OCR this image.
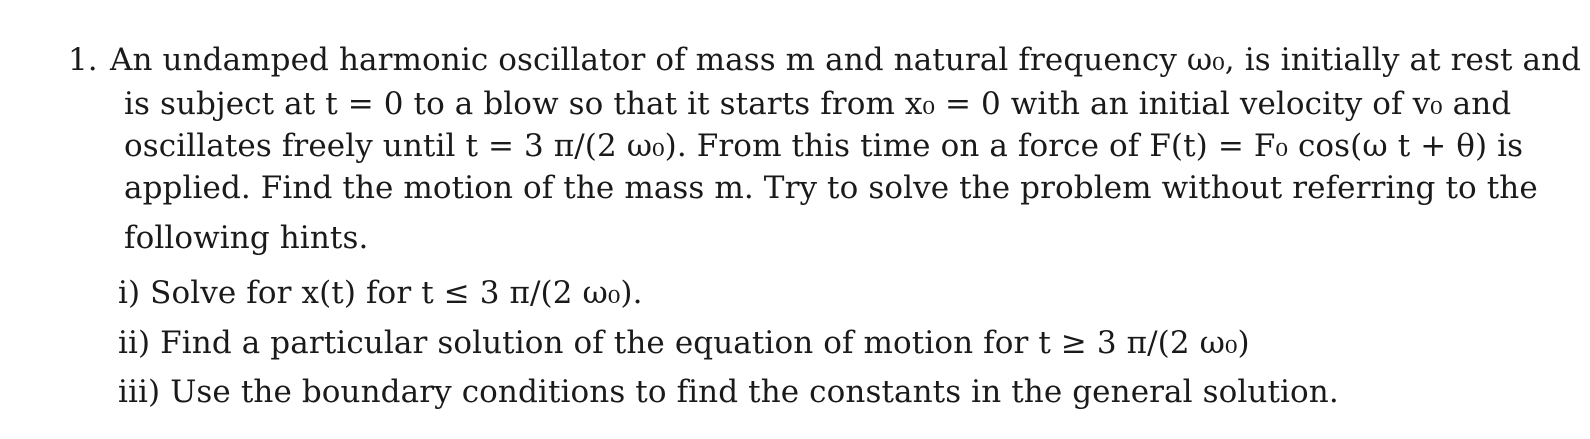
1. An undamped harmonic oscillator of mass m and natural frequency ω₀, is initially at rest and
is subject at t = 0 to a blow so that it starts from x₀ = 0 with an initial velocity of v₀ and
oscillates freely until t = 3 π/(2 ω₀). From this time on a force of F(t) = F₀ cos(ω t + θ) is
applied. Find the motion of the mass m. Try to solve the problem without referring to the
following hints.
i) Solve for x(t) for t ≤ 3 π/(2 ω₀).
ii) Find a particular solution of the equation of motion for t ≥ 3 π/(2 ω₀)
iii) Use the boundary conditions to find the constants in the general solution.
